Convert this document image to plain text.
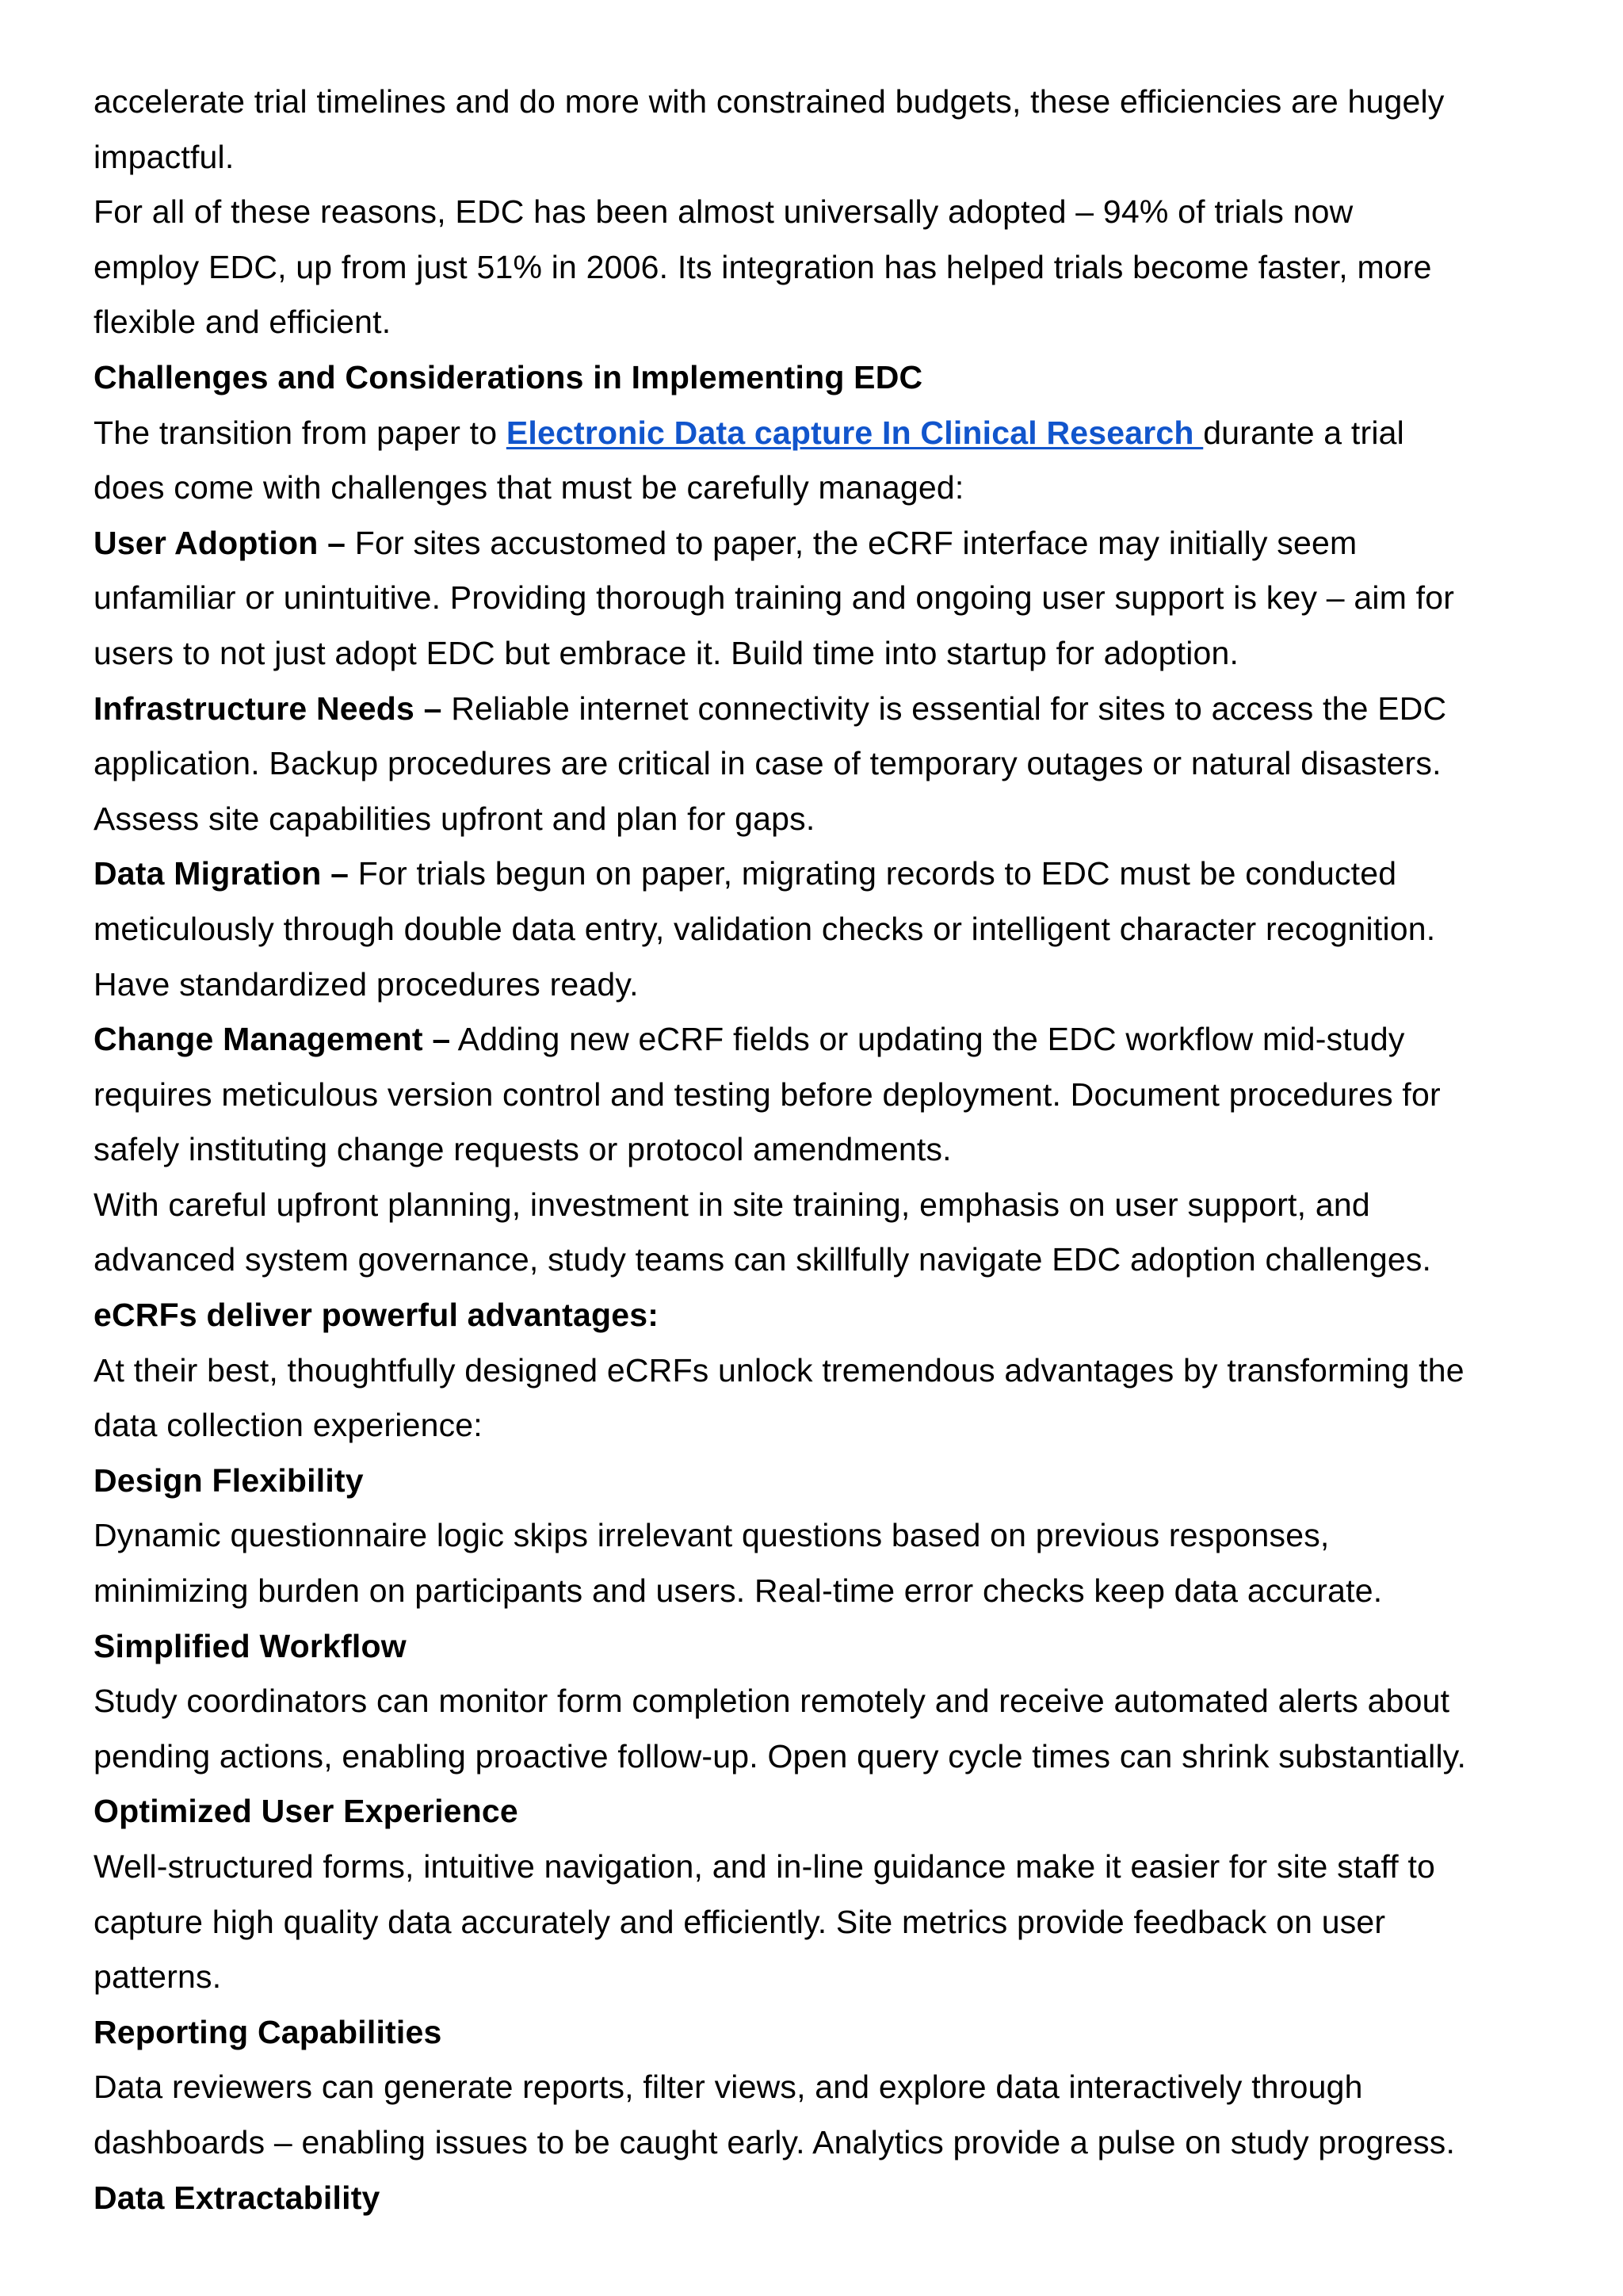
accelerate trial timelines and do more with constrained budgets, these efficiencies are hugely
impactful.
For all of these reasons, EDC has been almost universally adopted – 94% of trials now
employ EDC, up from just 51% in 2006. Its integration has helped trials become faster, more
flexible and efficient.
Challenges and Considerations in Implementing EDC
The transition from paper to Electronic Data capture In Clinical Research durante a trial
does come with challenges that must be carefully managed:
User Adoption – For sites accustomed to paper, the eCRF interface may initially seem
unfamiliar or unintuitive. Providing thorough training and ongoing user support is key – aim for
users to not just adopt EDC but embrace it. Build time into startup for adoption.
Infrastructure Needs – Reliable internet connectivity is essential for sites to access the EDC
application. Backup procedures are critical in case of temporary outages or natural disasters.
Assess site capabilities upfront and plan for gaps.
Data Migration – For trials begun on paper, migrating records to EDC must be conducted
meticulously through double data entry, validation checks or intelligent character recognition.
Have standardized procedures ready.
Change Management – Adding new eCRF fields or updating the EDC workflow mid-study
requires meticulous version control and testing before deployment. Document procedures for
safely instituting change requests or protocol amendments.
With careful upfront planning, investment in site training, emphasis on user support, and
advanced system governance, study teams can skillfully navigate EDC adoption challenges.
eCRFs deliver powerful advantages:
At their best, thoughtfully designed eCRFs unlock tremendous advantages by transforming the
data collection experience:
Design Flexibility
Dynamic questionnaire logic skips irrelevant questions based on previous responses,
minimizing burden on participants and users. Real-time error checks keep data accurate.
Simplified Workflow
Study coordinators can monitor form completion remotely and receive automated alerts about
pending actions, enabling proactive follow-up. Open query cycle times can shrink substantially.
Optimized User Experience
Well-structured forms, intuitive navigation, and in-line guidance make it easier for site staff to
capture high quality data accurately and efficiently. Site metrics provide feedback on user
patterns.
Reporting Capabilities
Data reviewers can generate reports, filter views, and explore data interactively through
dashboards – enabling issues to be caught early. Analytics provide a pulse on study progress.
Data Extractability
